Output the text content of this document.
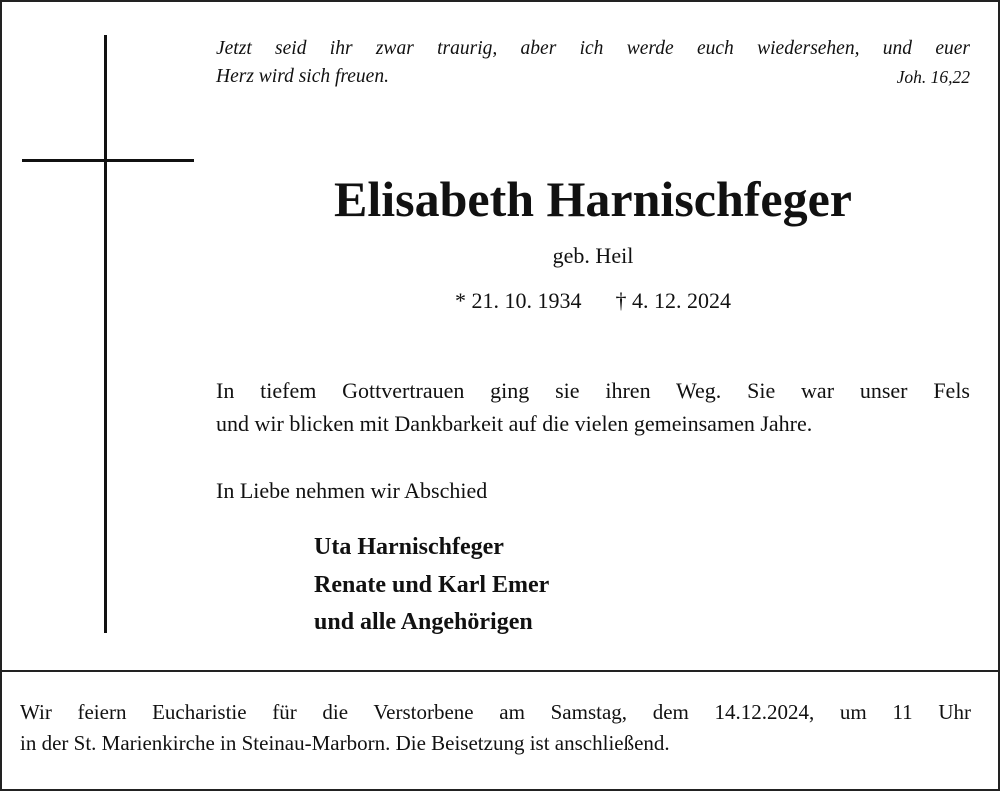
Jetzt seid ihr zwar traurig, aber ich werde euch wiedersehen, und euer
Herz wird sich freuen.	Joh. 16,22
Elisabeth Harnischfeger
geb. Heil
* 21. 10. 1934 † 4. 12. 2024
In tiefem Gottvertrauen ging sie ihren Weg. Sie war unser Fels
und wir blicken mit Dankbarkeit auf die vielen gemeinsamen Jahre.
In Liebe nehmen wir Abschied
Uta Harnischfeger
Renate und Karl Emer
und alle Angehörigen
Wir feiern Eucharistie für die Verstorbene am Samstag, dem 14.12.2024, um 11 Uhr
in der St. Marienkirche in Steinau-Marborn. Die Beisetzung ist anschließend.
